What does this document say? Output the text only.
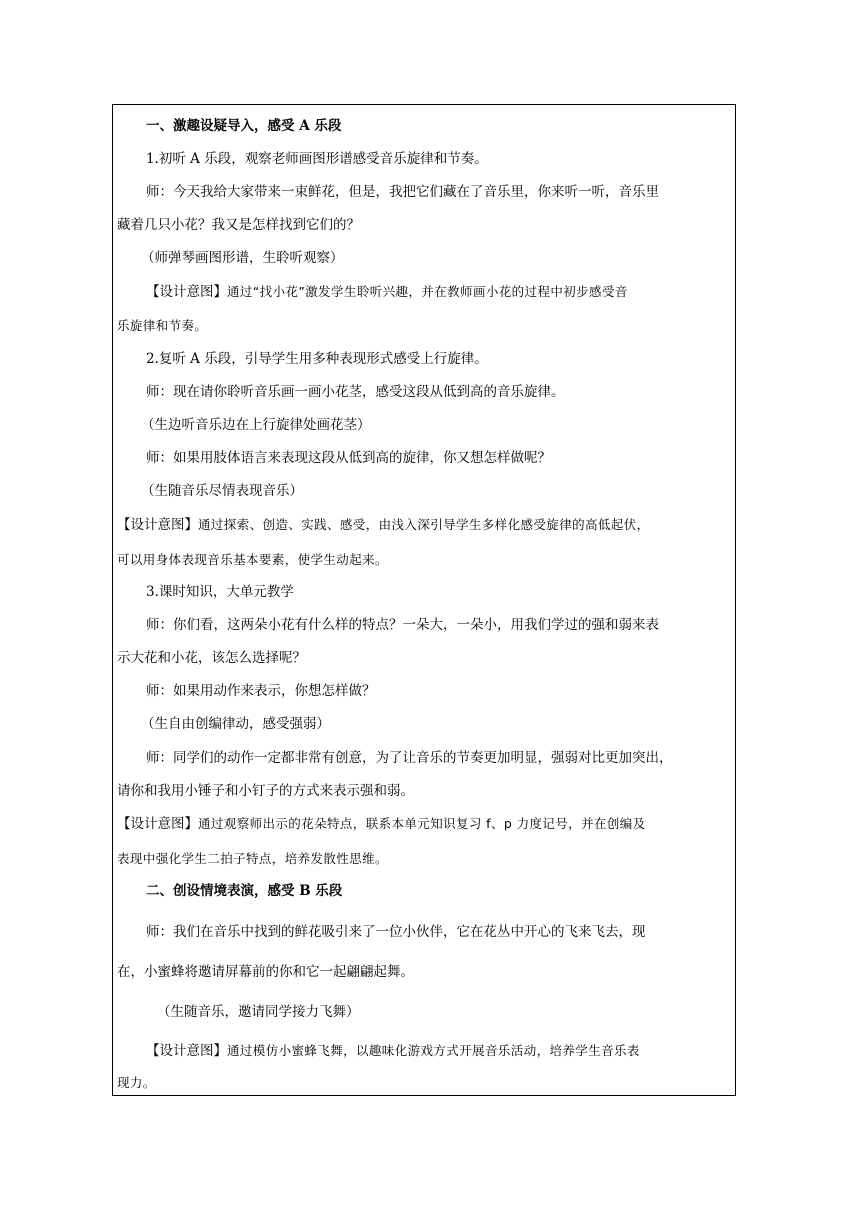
一、激趣设疑导入，感受 A 乐段
1.初听 A 乐段，观察老师画图形谱感受音乐旋律和节奏。
师：今天我给大家带来一束鲜花，但是，我把它们藏在了音乐里，你来听一听，音乐里
藏着几只小花？我又是怎样找到它们的？
（师弹琴画图形谱，生聆听观察）
【设计意图】通过“找小花”激发学生聆听兴趣，并在教师画小花的过程中初步感受音
乐旋律和节奏。
2.复听 A 乐段，引导学生用多种表现形式感受上行旋律。
师：现在请你聆听音乐画一画小花茎，感受这段从低到高的音乐旋律。
（生边听音乐边在上行旋律处画花茎）
师：如果用肢体语言来表现这段从低到高的旋律，你又想怎样做呢？
（生随音乐尽情表现音乐）
【设计意图】通过探索、创造、实践、感受，由浅入深引导学生多样化感受旋律的高低起伏，
可以用身体表现音乐基本要素，使学生动起来。
3.课时知识，大单元教学
师：你们看，这两朵小花有什么样的特点？一朵大，一朵小，用我们学过的强和弱来表
示大花和小花，该怎么选择呢？
师：如果用动作来表示，你想怎样做？
（生自由创编律动，感受强弱）
师：同学们的动作一定都非常有创意，为了让音乐的节奏更加明显，强弱对比更加突出，
请你和我用小锤子和小钉子的方式来表示强和弱。
【设计意图】通过观察师出示的花朵特点，联系本单元知识复习 f、p 力度记号，并在创编及
表现中强化学生二拍子特点，培养发散性思维。
二、创设情境表演，感受 B 乐段
师：我们在音乐中找到的鲜花吸引来了一位小伙伴，它在花丛中开心的飞来飞去，现
在，小蜜蜂将邀请屏幕前的你和它一起翩翩起舞。
（生随音乐，邀请同学接力飞舞）
【设计意图】通过模仿小蜜蜂飞舞，以趣味化游戏方式开展音乐活动，培养学生音乐表
现力。
